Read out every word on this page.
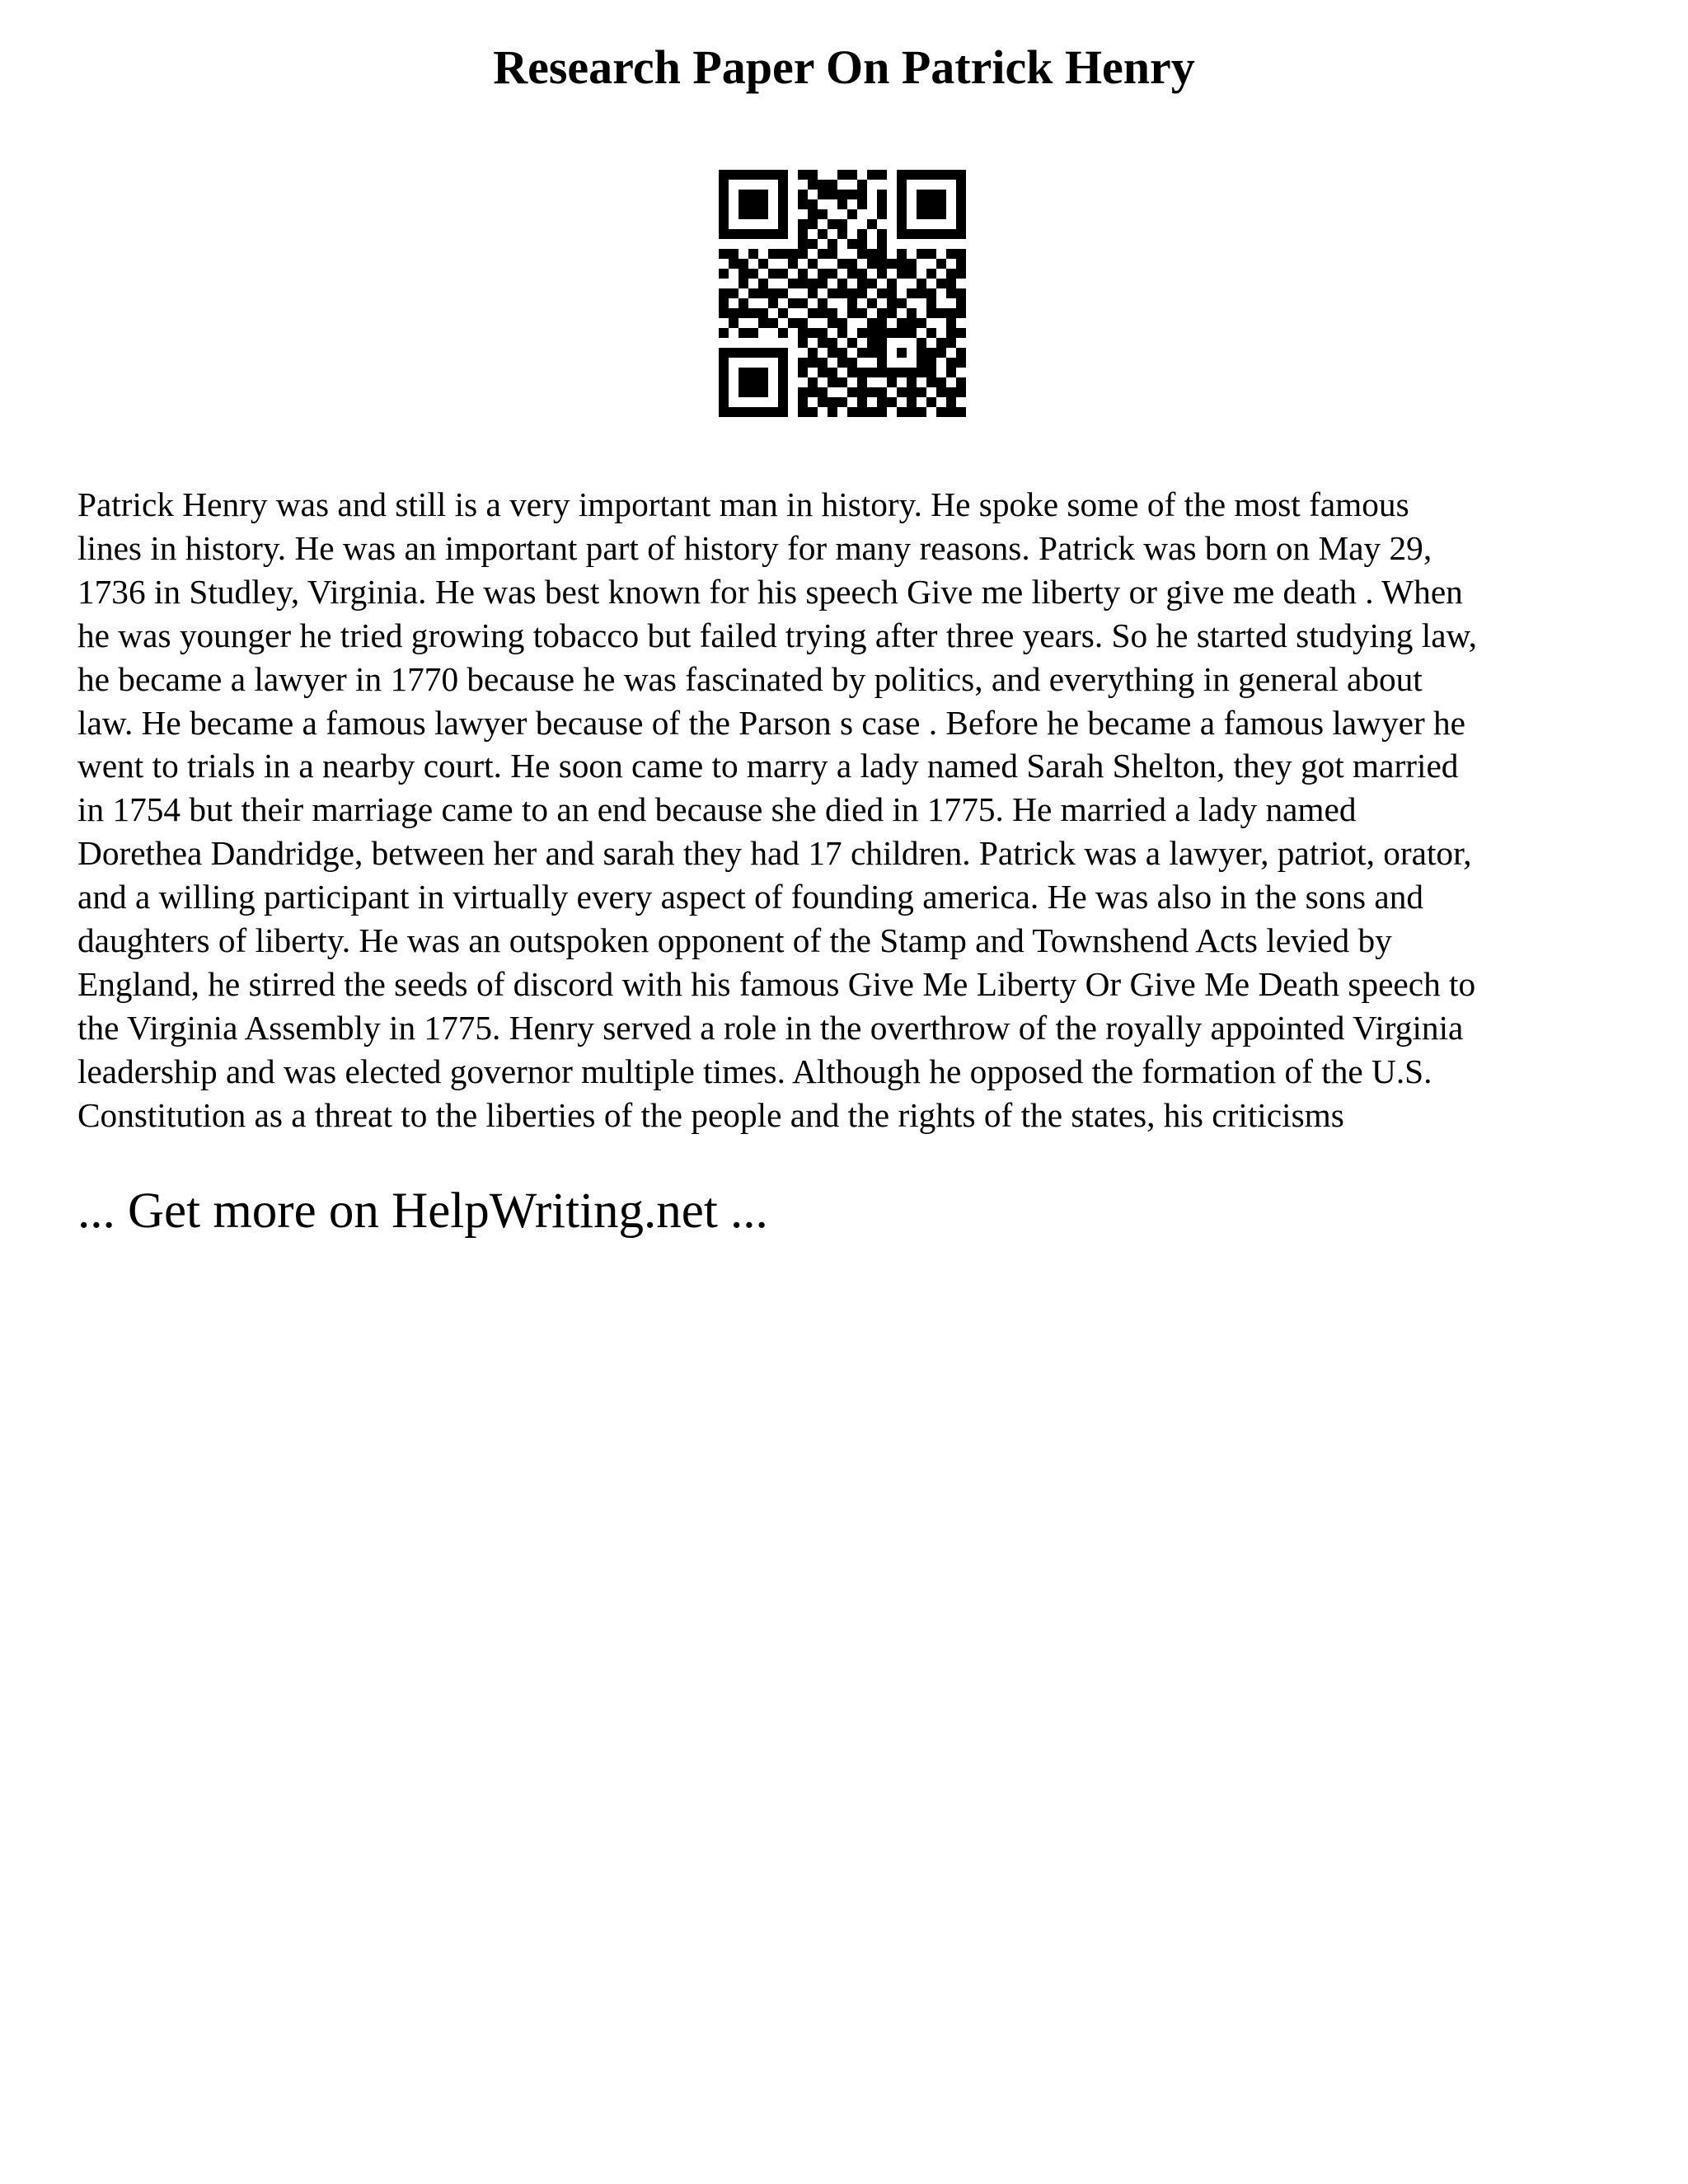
Research Paper On Patrick Henry
Patrick Henry was and still is a very important man in history. He spoke some of the most famous
lines in history. He was an important part of history for many reasons. Patrick was born on May 29,
1736 in Studley, Virginia. He was best known for his speech Give me liberty or give me death . When
he was younger he tried growing tobacco but failed trying after three years. So he started studying law,
he became a lawyer in 1770 because he was fascinated by politics, and everything in general about
law. He became a famous lawyer because of the Parson s case . Before he became a famous lawyer he
went to trials in a nearby court. He soon came to marry a lady named Sarah Shelton, they got married
in 1754 but their marriage came to an end because she died in 1775. He married a lady named
Dorethea Dandridge, between her and sarah they had 17 children. Patrick was a lawyer, patriot, orator,
and a willing participant in virtually every aspect of founding america. He was also in the sons and
daughters of liberty. He was an outspoken opponent of the Stamp and Townshend Acts levied by
England, he stirred the seeds of discord with his famous Give Me Liberty Or Give Me Death speech to
the Virginia Assembly in 1775. Henry served a role in the overthrow of the royally appointed Virginia
leadership and was elected governor multiple times. Although he opposed the formation of the U.S.
Constitution as a threat to the liberties of the people and the rights of the states, his criticisms

... Get more on HelpWriting.net ...
